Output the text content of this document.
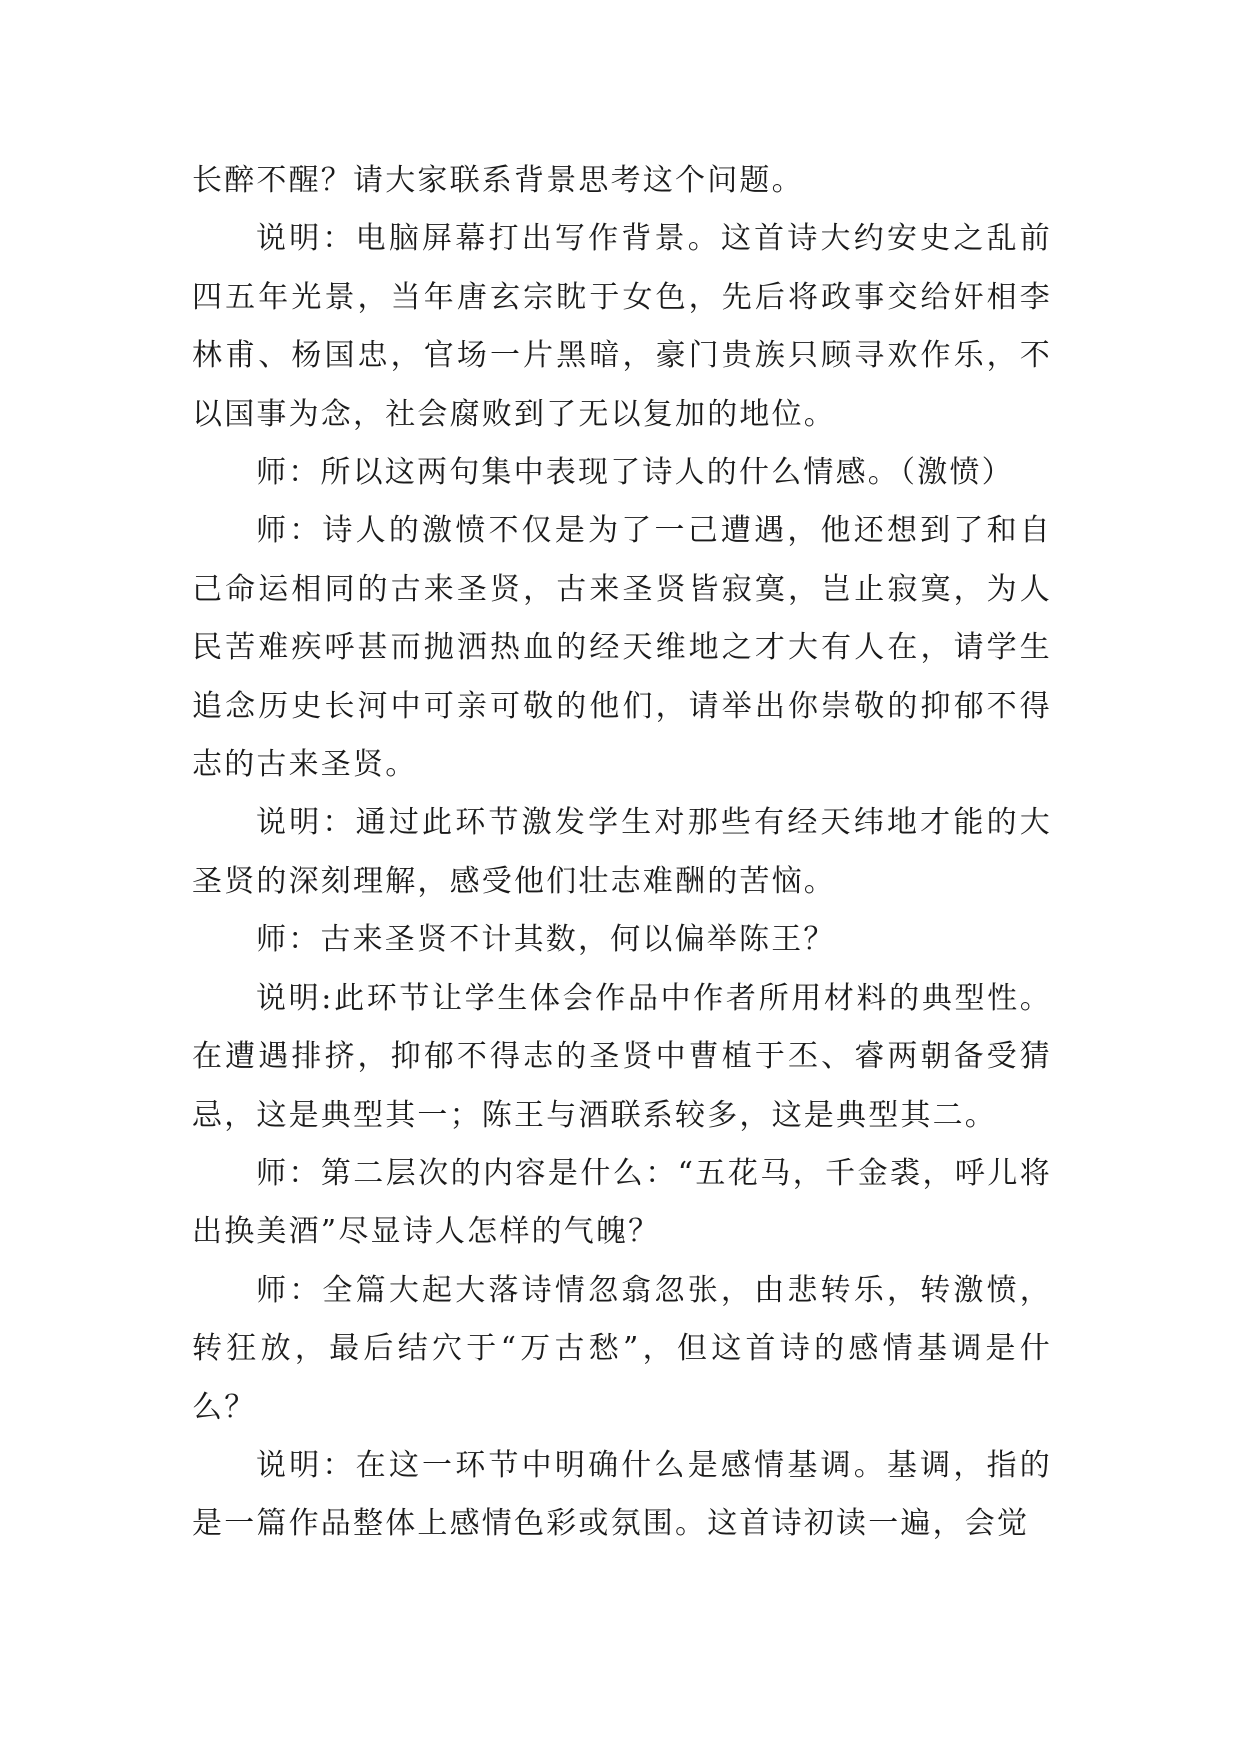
长醉不醒？请大家联系背景思考这个问题。

说明：电脑屏幕打出写作背景。这首诗大约安史之乱前四五年光景，当年唐玄宗眈于女色，先后将政事交给奸相李林甫、杨国忠，官场一片黑暗，豪门贵族只顾寻欢作乐，不以国事为念，社会腐败到了无以复加的地位。

师：所以这两句集中表现了诗人的什么情感。（激愤）

师：诗人的激愤不仅是为了一己遭遇，他还想到了和自己命运相同的古来圣贤，古来圣贤皆寂寞，岂止寂寞，为人民苦难疾呼甚而抛洒热血的经天维地之才大有人在，请学生追念历史长河中可亲可敬的他们，请举出你崇敬的抑郁不得志的古来圣贤。

说明：通过此环节激发学生对那些有经天纬地才能的大圣贤的深刻理解，感受他们壮志难酬的苦恼。

师：古来圣贤不计其数，何以偏举陈王？

说明:此环节让学生体会作品中作者所用材料的典型性。在遭遇排挤，抑郁不得志的圣贤中曹植于丕、睿两朝备受猜忌，这是典型其一；陈王与酒联系较多，这是典型其二。

师：第二层次的内容是什么：“五花马，千金裘，呼儿将出换美酒”尽显诗人怎样的气魄？

师：全篇大起大落诗情忽翕忽张，由悲转乐，转激愤，转狂放，最后结穴于“万古愁”，但这首诗的感情基调是什么？

说明：在这一环节中明确什么是感情基调。基调，指的是一篇作品整体上感情色彩或氛围。这首诗初读一遍，会觉
